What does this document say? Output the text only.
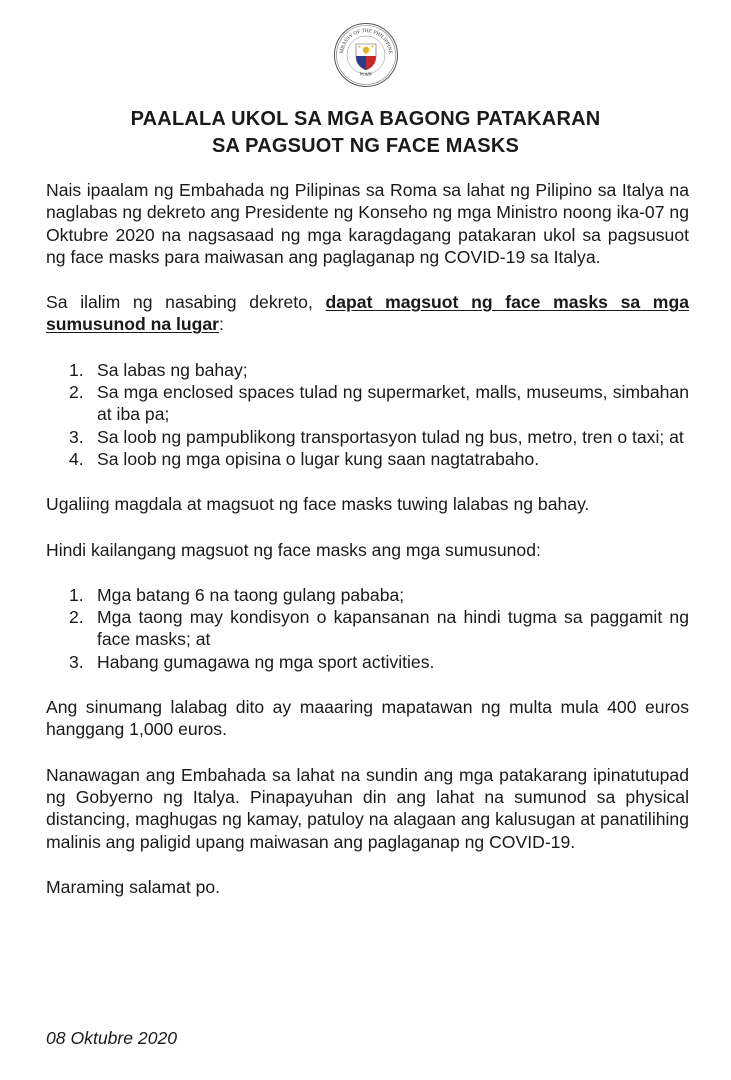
MBASSY OF THE PHILIPPINE
ROME
PAALALA UKOL SA MGA BAGONG PATAKARAN
SA PAGSUOT NG FACE MASKS

Nais ipaalam ng Embahada ng Pilipinas sa Roma sa lahat ng Pilipino sa Italya na naglabas ng dekreto ang Presidente ng Konseho ng mga Ministro noong ika-07 ng Oktubre 2020 na nagsasaad ng mga karagdagang patakaran ukol sa pagsusuot ng face masks para maiwasan ang paglaganap ng COVID-19 sa Italya.

Sa ilalim ng nasabing dekreto, dapat magsuot ng face masks sa mga sumusunod na lugar:

1. Sa labas ng bahay;
2. Sa mga enclosed spaces tulad ng supermarket, malls, museums, simbahan at iba pa;
3. Sa loob ng pampublikong transportasyon tulad ng bus, metro, tren o taxi; at
4. Sa loob ng mga opisina o lugar kung saan nagtatrabaho.

Ugaliing magdala at magsuot ng face masks tuwing lalabas ng bahay.

Hindi kailangang magsuot ng face masks ang mga sumusunod:

1. Mga batang 6 na taong gulang pababa;
2. Mga taong may kondisyon o kapansanan na hindi tugma sa paggamit ng face masks; at
3. Habang gumagawa ng mga sport activities.

Ang sinumang lalabag dito ay maaaring mapatawan ng multa mula 400 euros hanggang 1,000 euros.

Nanawagan ang Embahada sa lahat na sundin ang mga patakarang ipinatutupad ng Gobyerno ng Italya. Pinapayuhan din ang lahat na sumunod sa physical distancing, maghugas ng kamay, patuloy na alagaan ang kalusugan at panatilihing malinis ang paligid upang maiwasan ang paglaganap ng COVID-19.

Maraming salamat po.

08 Oktubre 2020
